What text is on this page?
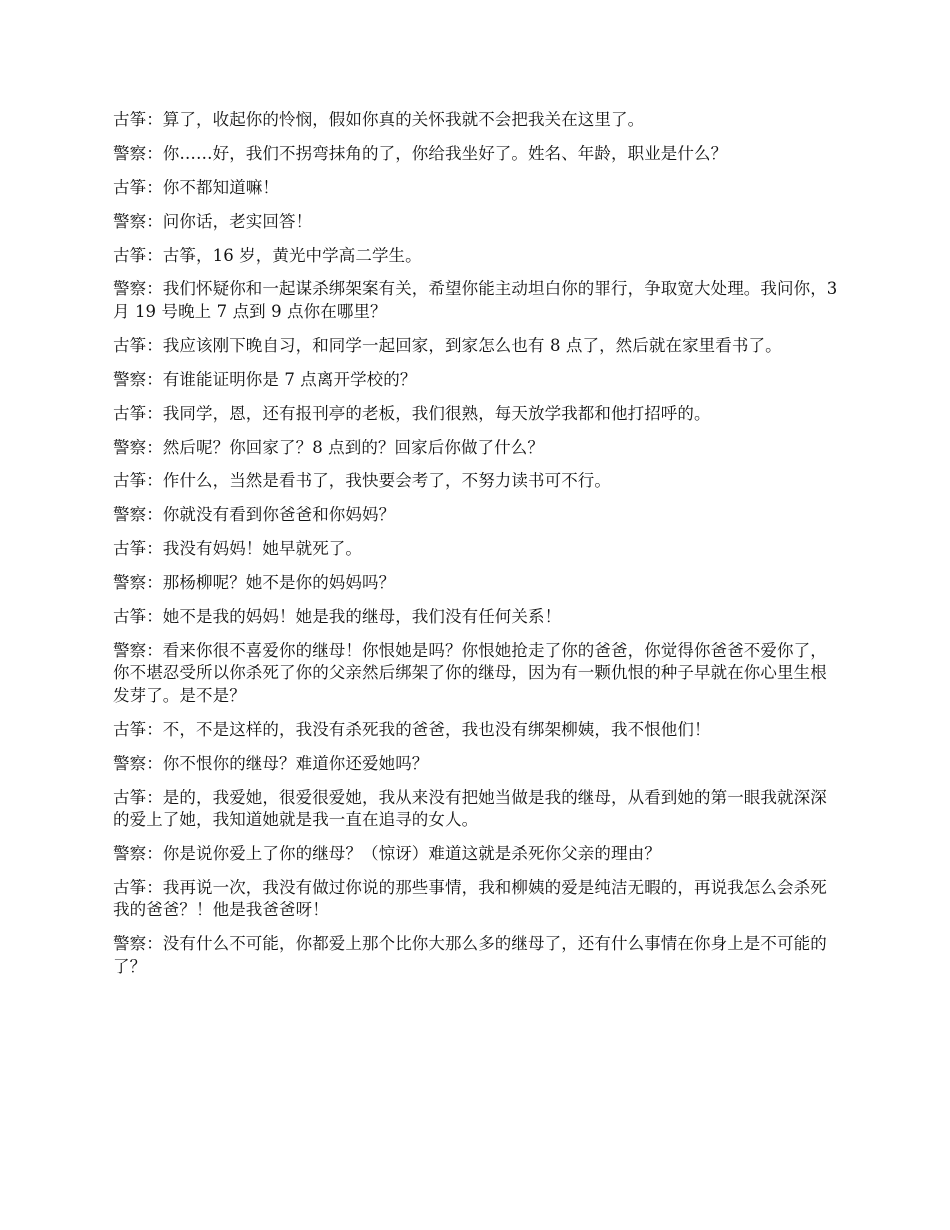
古筝：算了，收起你的怜悯，假如你真的关怀我就不会把我关在这里了。

警察：你……好，我们不拐弯抹角的了，你给我坐好了。姓名、年龄，职业是什么？

古筝：你不都知道嘛！

警察：问你话，老实回答！

古筝：古筝，16 岁，黄光中学高二学生。

警察：我们怀疑你和一起谋杀绑架案有关，希望你能主动坦白你的罪行，争取宽大处理。我问你，3 月 19 号晚上 7 点到 9 点你在哪里？

古筝：我应该刚下晚自习，和同学一起回家，到家怎么也有 8 点了，然后就在家里看书了。

警察：有谁能证明你是 7 点离开学校的？

古筝：我同学，恩，还有报刊亭的老板，我们很熟，每天放学我都和他打招呼的。

警察：然后呢？你回家了？8 点到的？回家后你做了什么？

古筝：作什么，当然是看书了，我快要会考了，不努力读书可不行。

警察：你就没有看到你爸爸和你妈妈？

古筝：我没有妈妈！她早就死了。

警察：那杨柳呢？她不是你的妈妈吗？

古筝：她不是我的妈妈！她是我的继母，我们没有任何关系！

警察：看来你很不喜爱你的继母！你恨她是吗？你恨她抢走了你的爸爸，你觉得你爸爸不爱你了，你不堪忍受所以你杀死了你的父亲然后绑架了你的继母，因为有一颗仇恨的种子早就在你心里生根发芽了。是不是？

古筝：不，不是这样的，我没有杀死我的爸爸，我也没有绑架柳姨，我不恨他们！

警察：你不恨你的继母？难道你还爱她吗？

古筝：是的，我爱她，很爱很爱她，我从来没有把她当做是我的继母，从看到她的第一眼我就深深的爱上了她，我知道她就是我一直在追寻的女人。

警察：你是说你爱上了你的继母？（惊讶）难道这就是杀死你父亲的理由？

古筝：我再说一次，我没有做过你说的那些事情，我和柳姨的爱是纯洁无暇的，再说我怎么会杀死我的爸爸？！他是我爸爸呀！

警察：没有什么不可能，你都爱上那个比你大那么多的继母了，还有什么事情在你身上是不可能的了？
